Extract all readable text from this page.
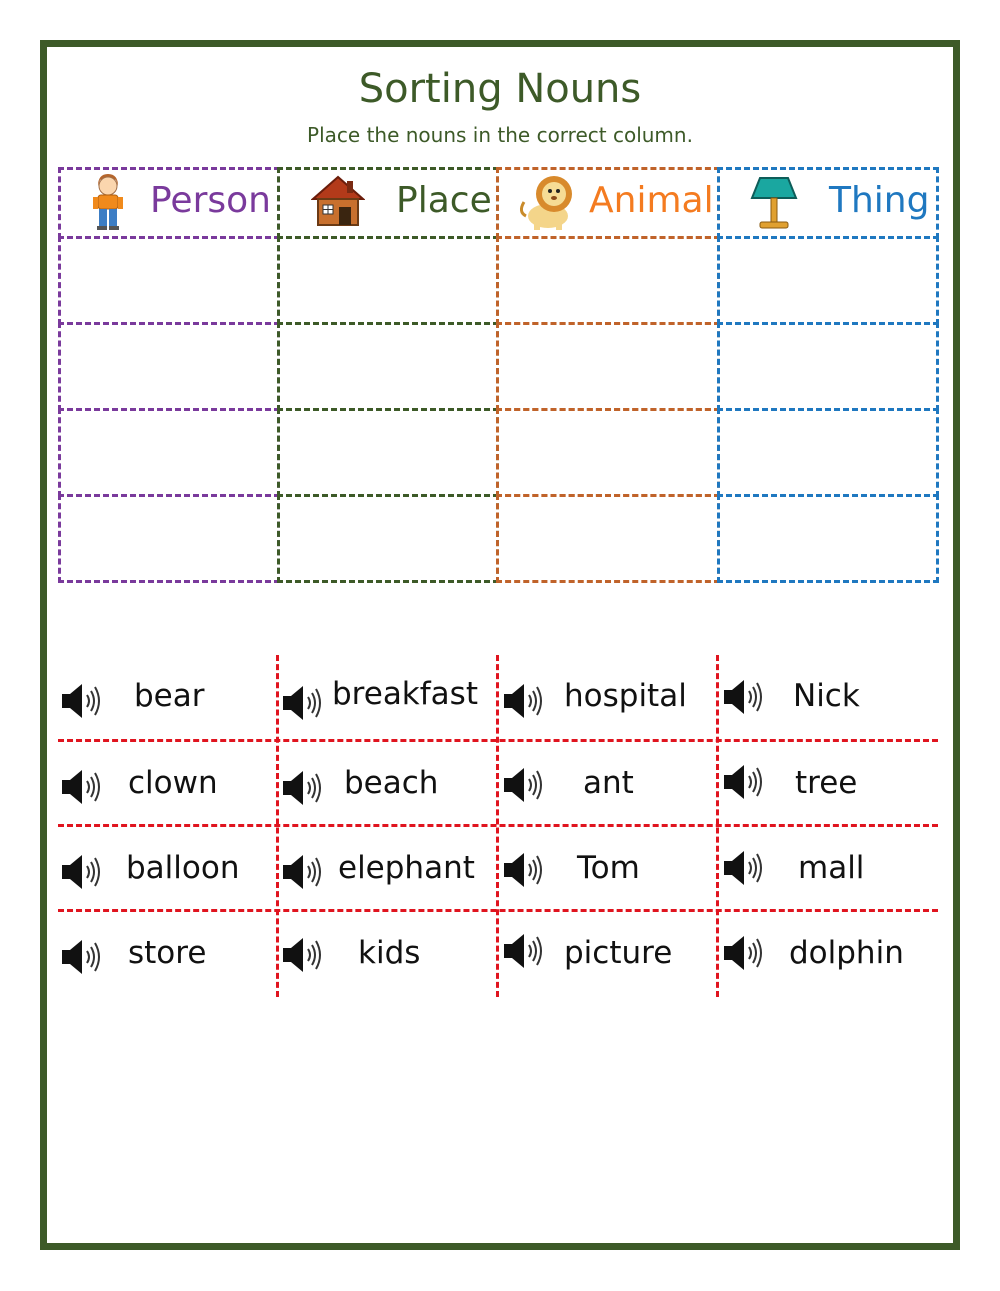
Sorting Nouns
Place the nouns in the correct column.
Person	Place	Animal	Thing
bear	breakfast	hospital	Nick
clown	beach	ant	tree
balloon	elephant	Tom	mall
store	kids	picture	dolphin
